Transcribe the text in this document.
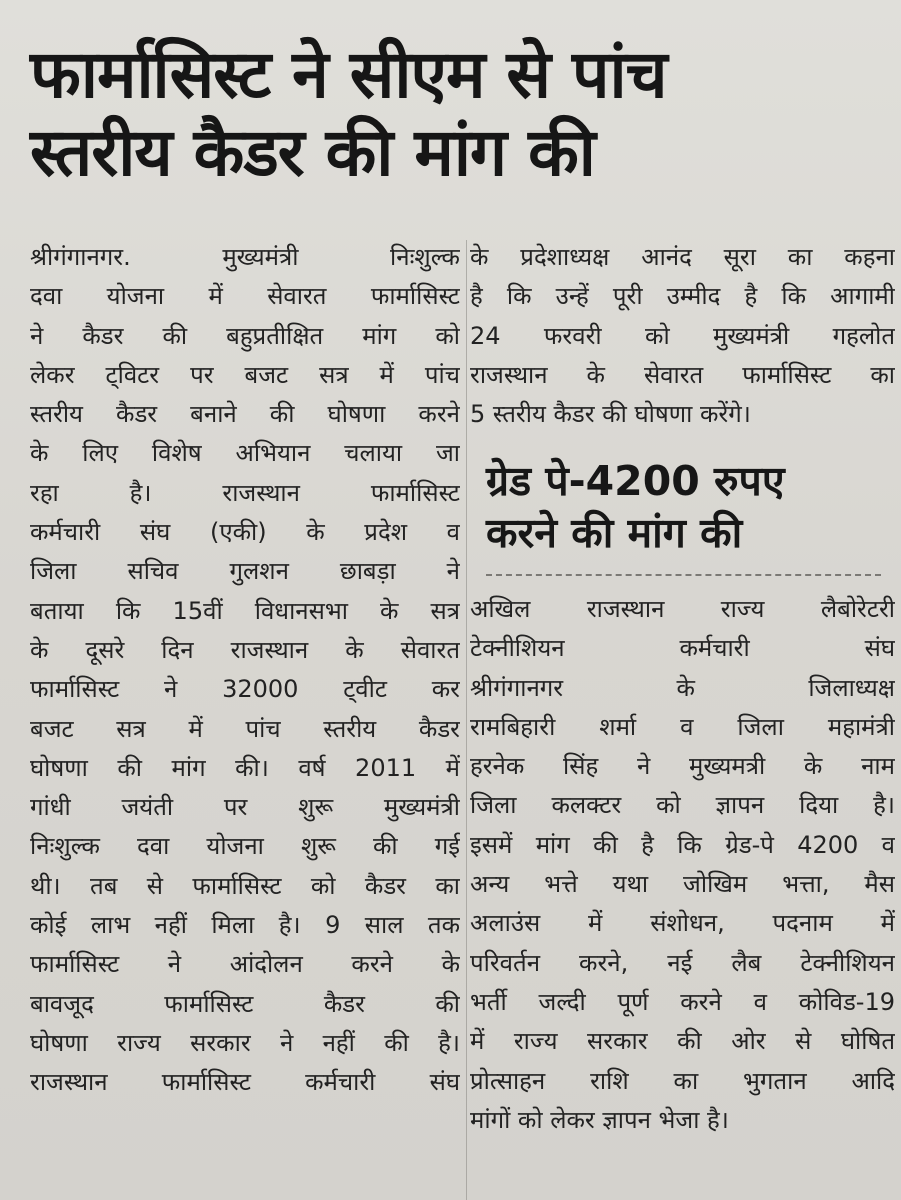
फार्मासिस्ट ने सीएम से पांच
स्तरीय कैडर की मांग की
श्रीगंगानगर. मुख्यमंत्री निःशुल्क
दवा योजना में सेवारत फार्मासिस्ट
ने कैडर की बहुप्रतीक्षित मांग को
लेकर ट्विटर पर बजट सत्र में पांच
स्तरीय कैडर बनाने की घोषणा करने
के लिए विशेष अभियान चलाया जा
रहा है। राजस्थान फार्मासिस्ट
कर्मचारी संघ (एकी) के प्रदेश व
जिला सचिव गुलशन छाबड़ा ने
बताया कि 15वीं विधानसभा के सत्र
के दूसरे दिन राजस्थान के सेवारत
फार्मासिस्ट ने 32000 ट्वीट कर
बजट सत्र में पांच स्तरीय कैडर
घोषणा की मांग की। वर्ष 2011 में
गांधी जयंती पर शुरू मुख्यमंत्री
निःशुल्क दवा योजना शुरू की गई
थी। तब से फार्मासिस्ट को कैडर का
कोई लाभ नहीं मिला है। 9 साल तक
फार्मासिस्ट ने आंदोलन करने के
बावजूद फार्मासिस्ट कैडर की
घोषणा राज्य सरकार ने नहीं की है।
राजस्थान फार्मासिस्ट कर्मचारी संघ
के प्रदेशाध्यक्ष आनंद सूरा का कहना
है कि उन्हें पूरी उम्मीद है कि आगामी
24 फरवरी को मुख्यमंत्री गहलोत
राजस्थान के सेवारत फार्मासिस्ट का
5 स्तरीय कैडर की घोषणा करेंगे।
ग्रेड पे-4200 रुपए
करने की मांग की
अखिल राजस्थान राज्य लैबोरेटरी
टेक्नीशियन कर्मचारी संघ
श्रीगंगानगर के जिलाध्यक्ष
रामबिहारी शर्मा व जिला महामंत्री
हरनेक सिंह ने मुख्यमत्री के नाम
जिला कलक्टर को ज्ञापन दिया है।
इसमें मांग की है कि ग्रेड-पे 4200 व
अन्य भत्ते यथा जोखिम भत्ता, मैस
अलाउंस में संशोधन, पदनाम में
परिवर्तन करने, नई लैब टेक्नीशियन
भर्ती जल्दी पूर्ण करने व कोविड-19
में राज्य सरकार की ओर से घोषित
प्रोत्साहन राशि का भुगतान आदि
मांगों को लेकर ज्ञापन भेजा है।
